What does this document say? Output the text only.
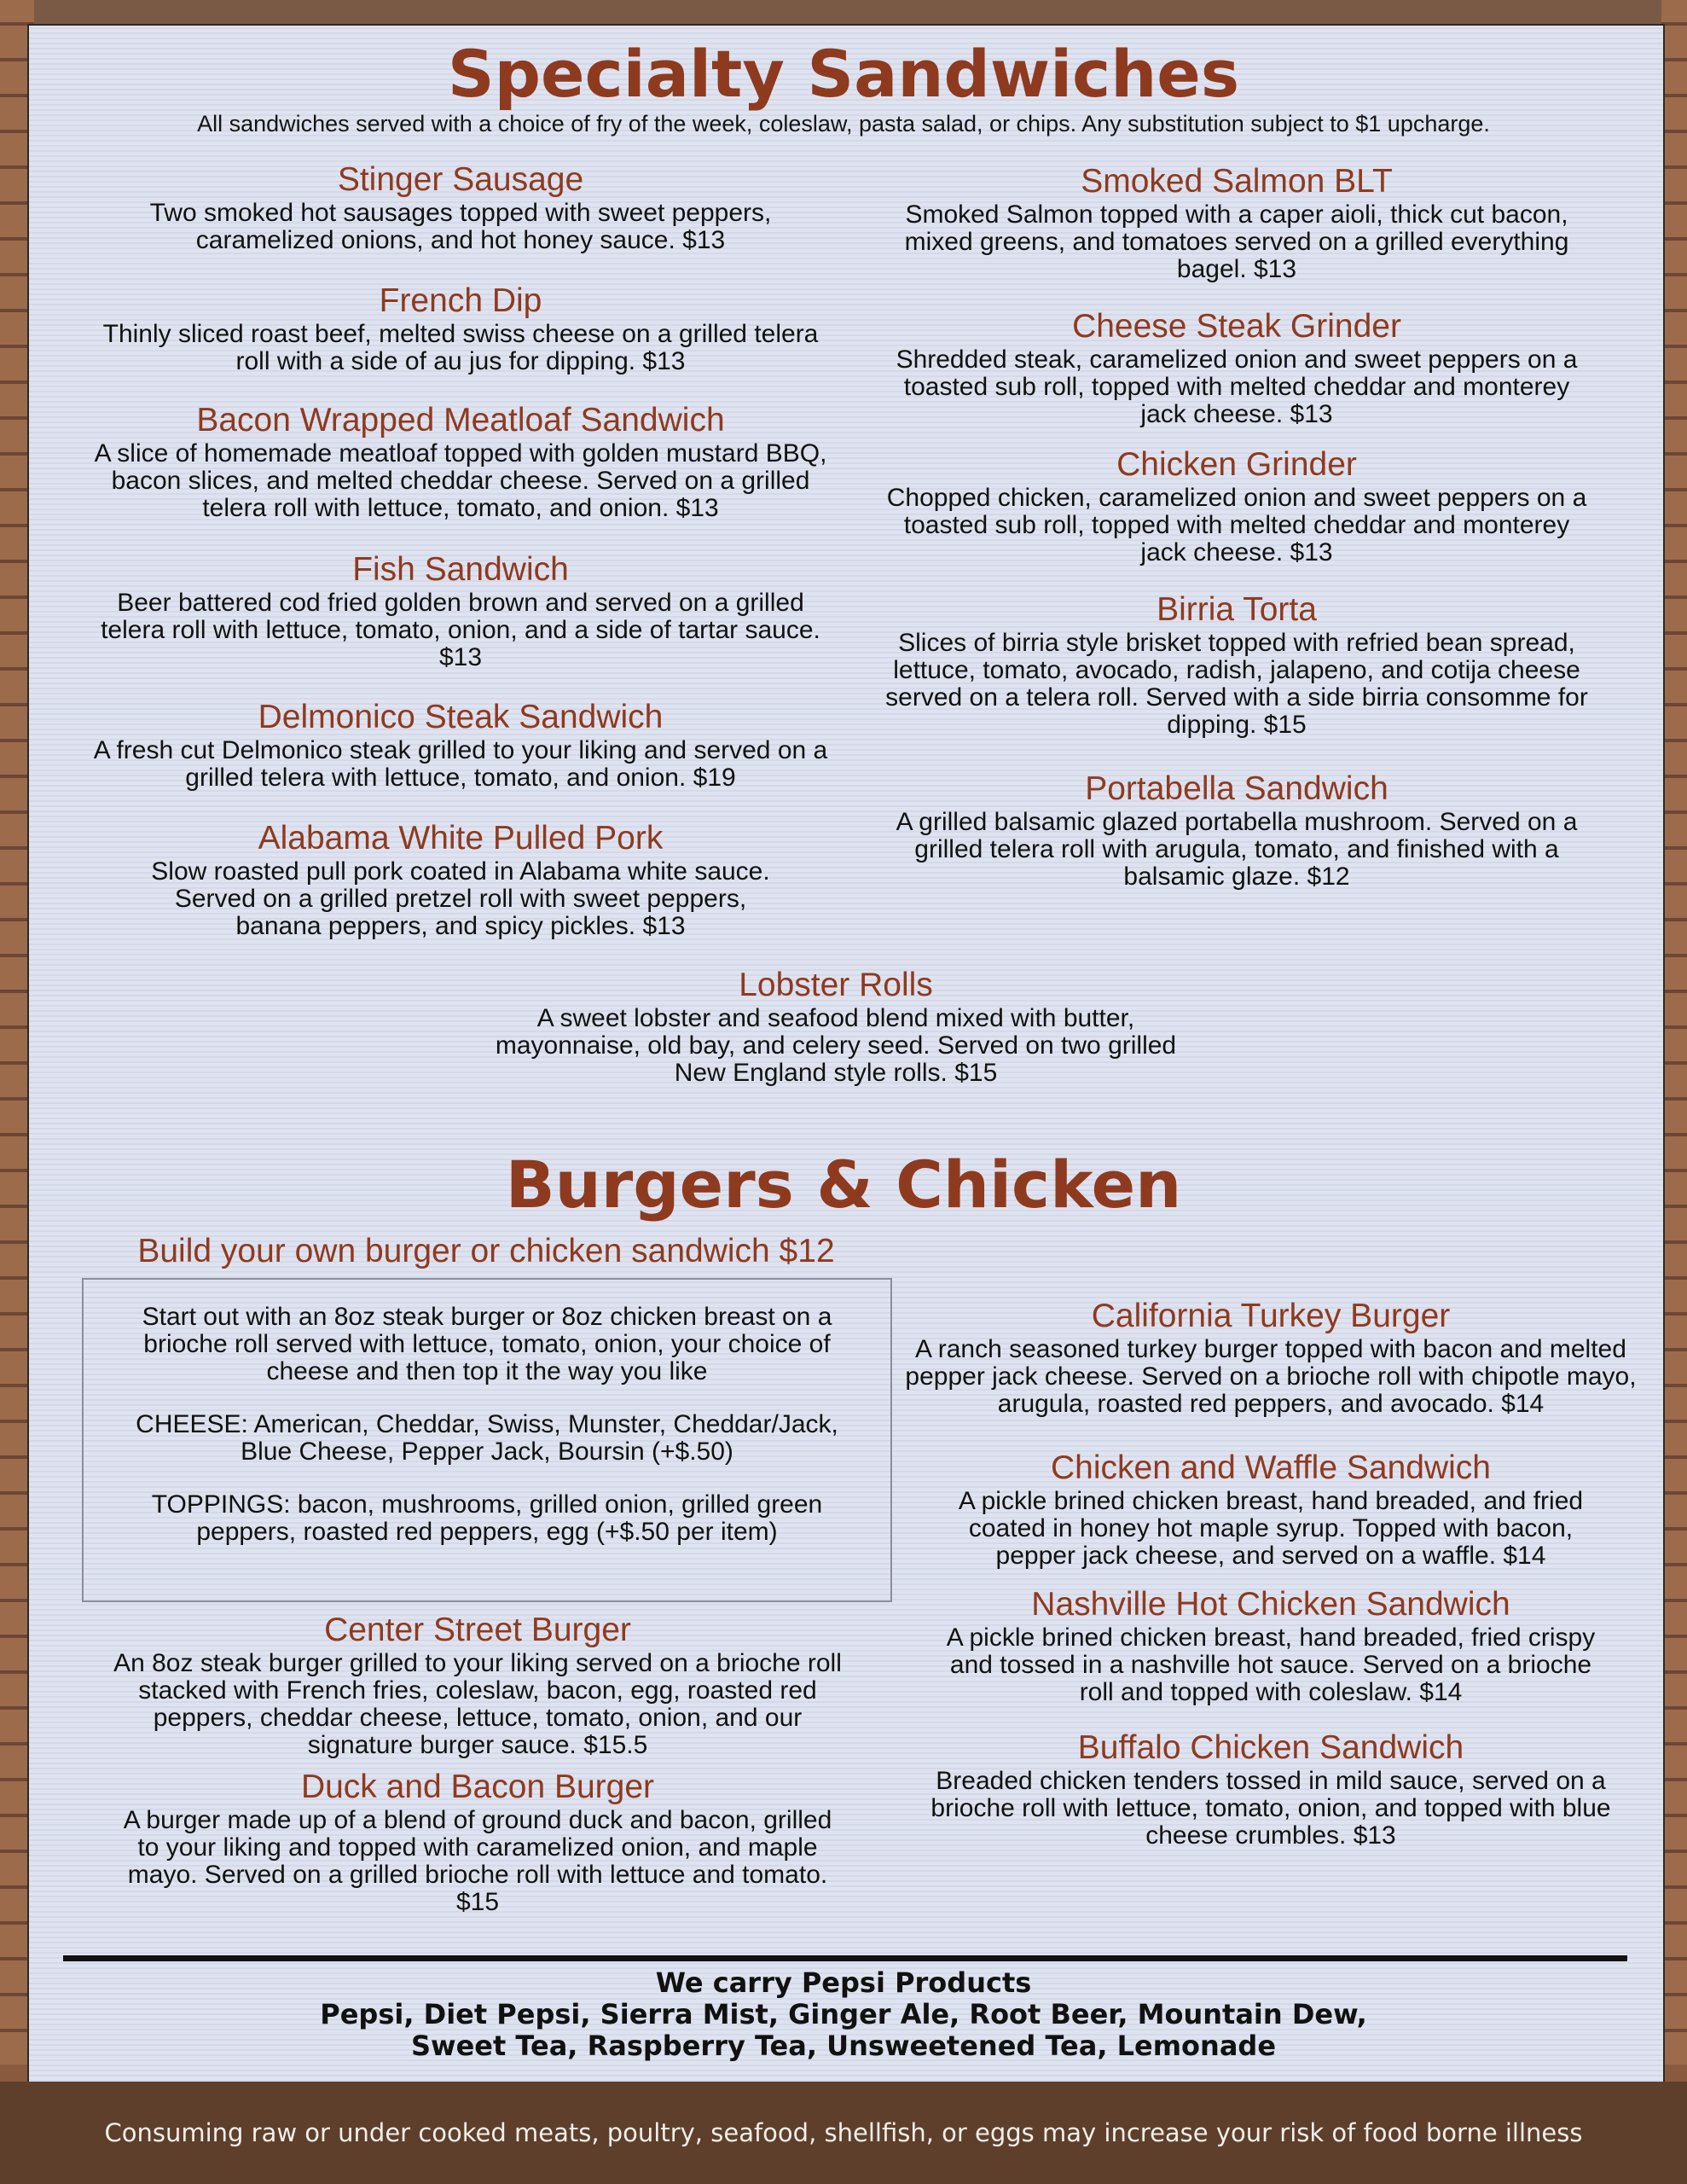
Specialty Sandwiches
All sandwiches served with a choice of fry of the week, coleslaw, pasta salad, or chips. Any substitution subject to $1 upcharge.
Stinger Sausage
Two smoked hot sausages topped with sweet peppers, caramelized onions, and hot honey sauce. $13
French Dip
Thinly sliced roast beef, melted swiss cheese on a grilled telera roll with a side of au jus for dipping. $13
Bacon Wrapped Meatloaf Sandwich
A slice of homemade meatloaf topped with golden mustard BBQ, bacon slices, and melted cheddar cheese. Served on a grilled telera roll with lettuce, tomato, and onion. $13
Fish Sandwich
Beer battered cod fried golden brown and served on a grilled telera roll with lettuce, tomato, onion, and a side of tartar sauce. $13
Delmonico Steak Sandwich
A fresh cut Delmonico steak grilled to your liking and served on a grilled telera with lettuce, tomato, and onion. $19
Alabama White Pulled Pork
Slow roasted pull pork coated in Alabama white sauce. Served on a grilled pretzel roll with sweet peppers, banana peppers, and spicy pickles. $13
Smoked Salmon BLT
Smoked Salmon topped with a caper aioli, thick cut bacon, mixed greens, and tomatoes served on a grilled everything bagel. $13
Cheese Steak Grinder
Shredded steak, caramelized onion and sweet peppers on a toasted sub roll, topped with melted cheddar and monterey jack cheese. $13
Chicken Grinder
Chopped chicken, caramelized onion and sweet peppers on a toasted sub roll, topped with melted cheddar and monterey jack cheese. $13
Birria Torta
Slices of birria style brisket topped with refried bean spread, lettuce, tomato, avocado, radish, jalapeno, and cotija cheese served on a telera roll. Served with a side birria consomme for dipping. $15
Portabella Sandwich
A grilled balsamic glazed portabella mushroom. Served on a grilled telera roll with arugula, tomato, and finished with a balsamic glaze. $12
Lobster Rolls
A sweet lobster and seafood blend mixed with butter, mayonnaise, old bay, and celery seed. Served on two grilled New England style rolls. $15
Burgers & Chicken
Build your own burger or chicken sandwich $12

Start out with an 8oz steak burger or 8oz chicken breast on a brioche roll served with lettuce, tomato, onion, your choice of cheese and then top it the way you like

CHEESE: American, Cheddar, Swiss, Munster, Cheddar/Jack, Blue Cheese, Pepper Jack, Boursin (+$.50)

TOPPINGS: bacon, mushrooms, grilled onion, grilled green peppers, roasted red peppers, egg (+$.50 per item)

Center Street Burger
An 8oz steak burger grilled to your liking served on a brioche roll stacked with French fries, coleslaw, bacon, egg, roasted red peppers, cheddar cheese, lettuce, tomato, onion, and our signature burger sauce. $15.5
Duck and Bacon Burger
A burger made up of a blend of ground duck and bacon, grilled to your liking and topped with caramelized onion, and maple mayo. Served on a grilled brioche roll with lettuce and tomato. $15
California Turkey Burger
A ranch seasoned turkey burger topped with bacon and melted pepper jack cheese. Served on a brioche roll with chipotle mayo, arugula, roasted red peppers, and avocado. $14
Chicken and Waffle Sandwich
A pickle brined chicken breast, hand breaded, and fried coated in honey hot maple syrup. Topped with bacon, pepper jack cheese, and served on a waffle. $14
Nashville Hot Chicken Sandwich
A pickle brined chicken breast, hand breaded, fried crispy and tossed in a nashville hot sauce. Served on a brioche roll and topped with coleslaw. $14
Buffalo Chicken Sandwich
Breaded chicken tenders tossed in mild sauce, served on a brioche roll with lettuce, tomato, onion, and topped with blue cheese crumbles. $13
We carry Pepsi Products
Pepsi, Diet Pepsi, Sierra Mist, Ginger Ale, Root Beer, Mountain Dew,
Sweet Tea, Raspberry Tea, Unsweetened Tea, Lemonade
Consuming raw or under cooked meats, poultry, seafood, shellfish, or eggs may increase your risk of food borne illness
